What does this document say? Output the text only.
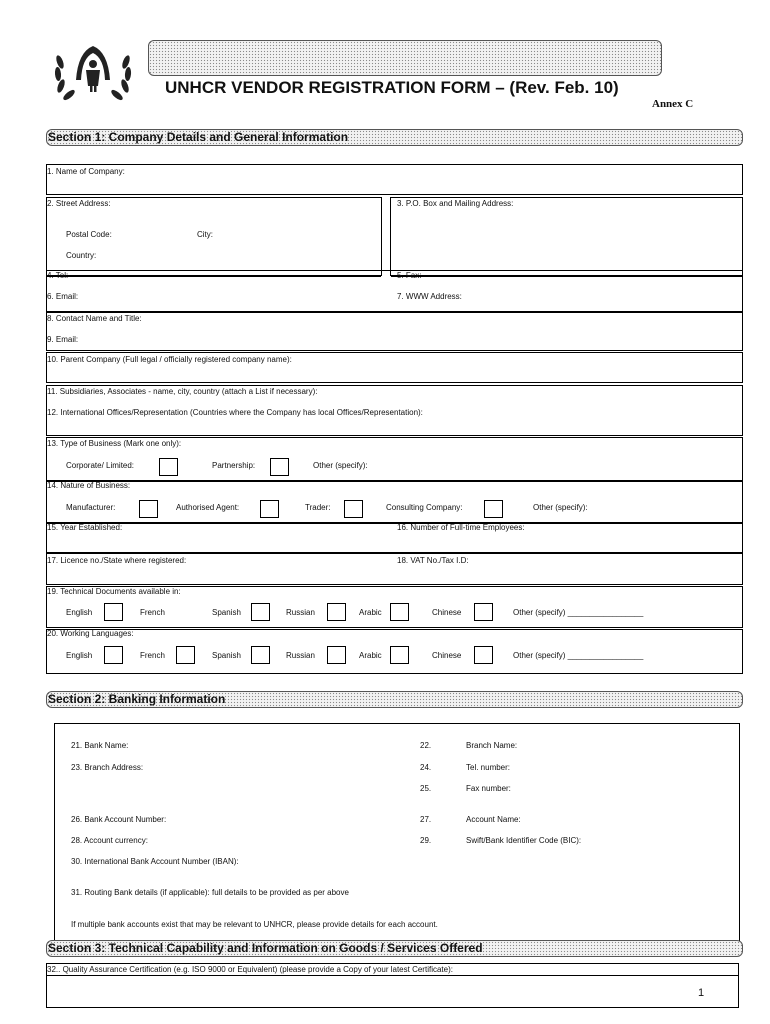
UNHCR VENDOR REGISTRATION FORM – (Rev. Feb. 10)
Annex C
Section 1: Company Details and General Information
1. Name of Company:
2. Street Address:
Postal Code:	City:
Country:
3. P.O. Box and Mailing Address:
4. Tel:	5. Fax:
6. Email:	7. WWW Address:
8. Contact Name and Title:
9. Email:
10. Parent Company (Full legal / officially registered company name):
11. Subsidiaries, Associates - name, city, country (attach a List if necessary):
12. International Offices/Representation (Countries where the Company has local Offices/Representation):
13. Type of Business (Mark one only):
Corporate/ Limited:	Partnership:	Other (specify):
14. Nature of Business:
Manufacturer:	Authorised Agent:	Trader:	Consulting Company:	Other (specify):
15. Year Established:	16. Number of Full-time Employees:
17. Licence no./State where registered:	18. VAT No./Tax I.D:
19. Technical Documents available in:
English	French	Spanish	Russian	Arabic	Chinese	Other (specify) _________________
20. Working Languages:
English	French	Spanish	Russian	Arabic	Chinese	Other (specify) _________________
Section 2: Banking Information
21. Bank Name:	22.	Branch Name:
23. Branch Address:	24.	Tel. number:
25.	Fax number:
26. Bank Account Number:	27.	Account Name:
28. Account currency:	29.	Swift/Bank Identifier Code (BIC):
30. International Bank Account Number (IBAN):
31. Routing Bank details (if applicable): full details to be provided as per above
If multiple bank accounts exist that may be relevant to UNHCR, please provide details for each account.
Section 3: Technical Capability and Information on Goods / Services Offered
32.. Quality Assurance Certification (e.g. ISO 9000 or Equivalent) (please provide a Copy of your latest Certificate):
1
